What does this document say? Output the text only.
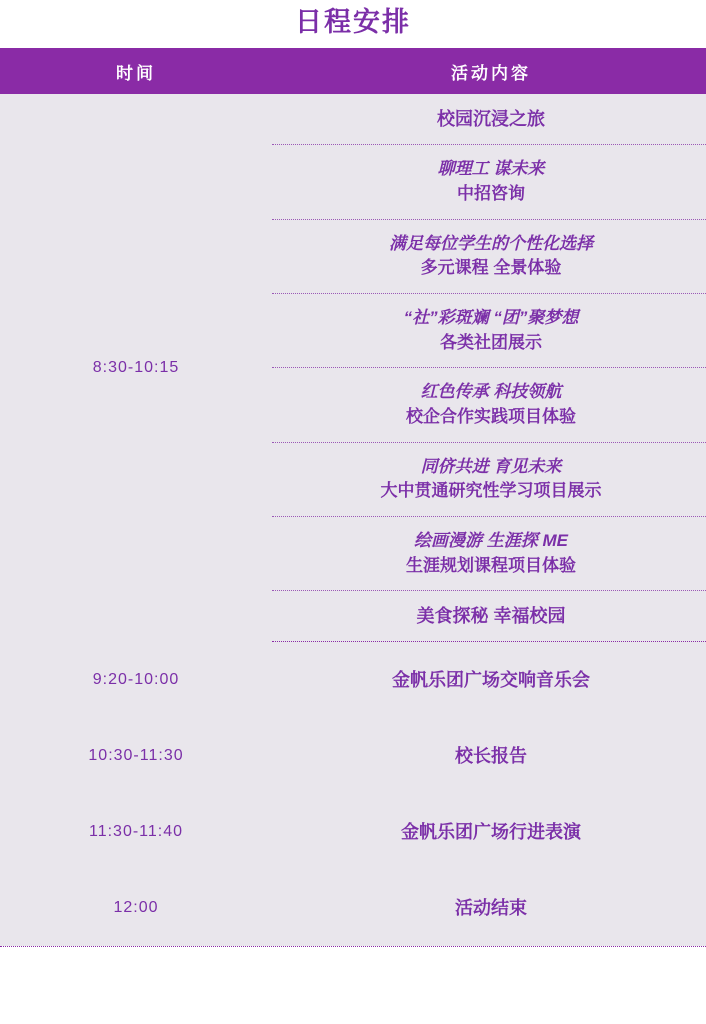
日程安排
时间	活动内容
8:30-10:15	校园沉浸之旅

	聊理工 谋未来
中招咨询

	满足每位学生的个性化选择
多元课程 全景体验

	“社”彩斑斓 “团”聚梦想
各类社团展示

	红色传承 科技领航
校企合作实践项目体验

	同侪共进 育见未来
大中贯通研究性学习项目展示

	绘画漫游 生涯探 ME
生涯规划课程项目体验

	美食探秘 幸福校园

9:20-10:00	金帆乐团广场交响音乐会

10:30-11:30	校长报告

11:30-11:40	金帆乐团广场行进表演

12:00	活动结束
